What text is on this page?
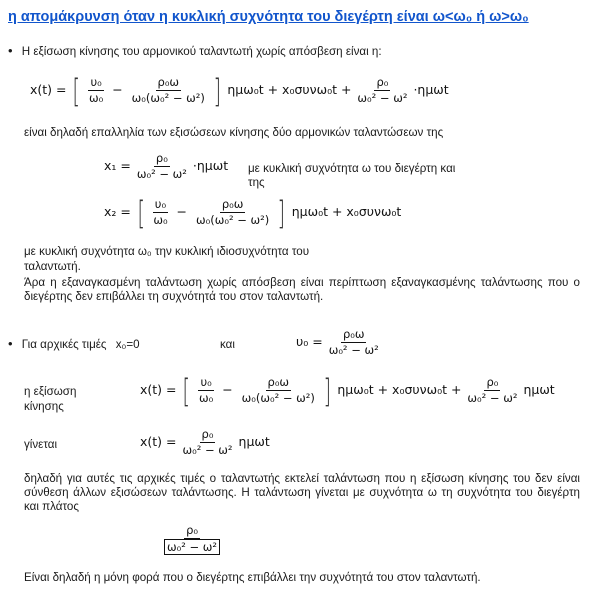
η απομάκρυνση όταν η κυκλική συχνότητα του διεγέρτη είναι ω<ω₀ ή ω>ω₀
• Η εξίσωση κίνησης του αρμονικού ταλαντωτή χωρίς απόσβεση είναι η:
x(t) = [ $\frac{\text{υ₀}}{\text{ω₀}} - \frac{\text{ρ₀ω}}{\text{ω₀(ω₀² − ω²)}}$ ] $\eta\mu\omega_0t + x_0\sigma\upsilon\nu\omega_0t + \frac{\text{ρ₀}}{\text{ω₀² − ω²}} \cdot\eta\mu\omega t$
είναι δηλαδή επαλληλία των εξισώσεων κίνησης δύο αρμονικών ταλαντώσεων της
$x_1 = \frac{\text{ρ₀}}{\text{ω₀² − ω²}} \cdot\eta\mu\omega t$ με κυκλική συχνότητα ω του διεγέρτη και
της
x₂ = [ $\frac{\text{υ₀}}{\text{ω₀}} - \frac{\text{ρ₀ω}}{\text{ω₀(ω₀² − ω²)}}$ ] ημω₀t + x₀συνω₀t
με κυκλική συχνότητα ω₀ την κυκλική ιδιοσυχνότητα του
ταλαντωτή.
Άρα η εξαναγκασμένη ταλάντωση χωρίς απόσβεση είναι περίπτωση εξαναγκασμένης ταλάντωσης που ο διεγέρτης δεν επιβάλλει τη συχνότητά του στον ταλαντωτή.
• Για αρχικές τιμές x₀=0	και	$\upsilon_0 = \frac{\text{ρ₀ω}}{\text{ω₀² − ω²}}$
η εξίσωση
κίνησης
x(t) = [ $\frac{\text{υ₀}}{\text{ω₀}} - \frac{\text{ρ₀ω}}{\text{ω₀(ω₀² − ω²)}}$ ] $\eta\mu\omega_0t + x_0\sigma\upsilon\nu\omega_0t + \frac{\text{ρ₀}}{\text{ω₀² − ω²}}$ ημωt
γίνεται	$x(t) = \frac{\text{ρ₀}}{\text{ω₀² − ω²}}$ ημωt
δηλαδή για αυτές τις αρχικές τιμές ο ταλαντωτής εκτελεί ταλάντωση που η εξίσωση κίνησης του δεν είναι σύνθεση άλλων εξισώσεων ταλάντωσης. Η ταλάντωση γίνεται με συχνότητα ω τη συχνότητα του διεγέρτη και πλάτος
$\frac{\text{ρ₀}}{\text{ω₀² − ω²}}$
Είναι δηλαδή η μόνη φορά που ο διεγέρτης επιβάλλει την συχνότητά του στον ταλαντωτή.
